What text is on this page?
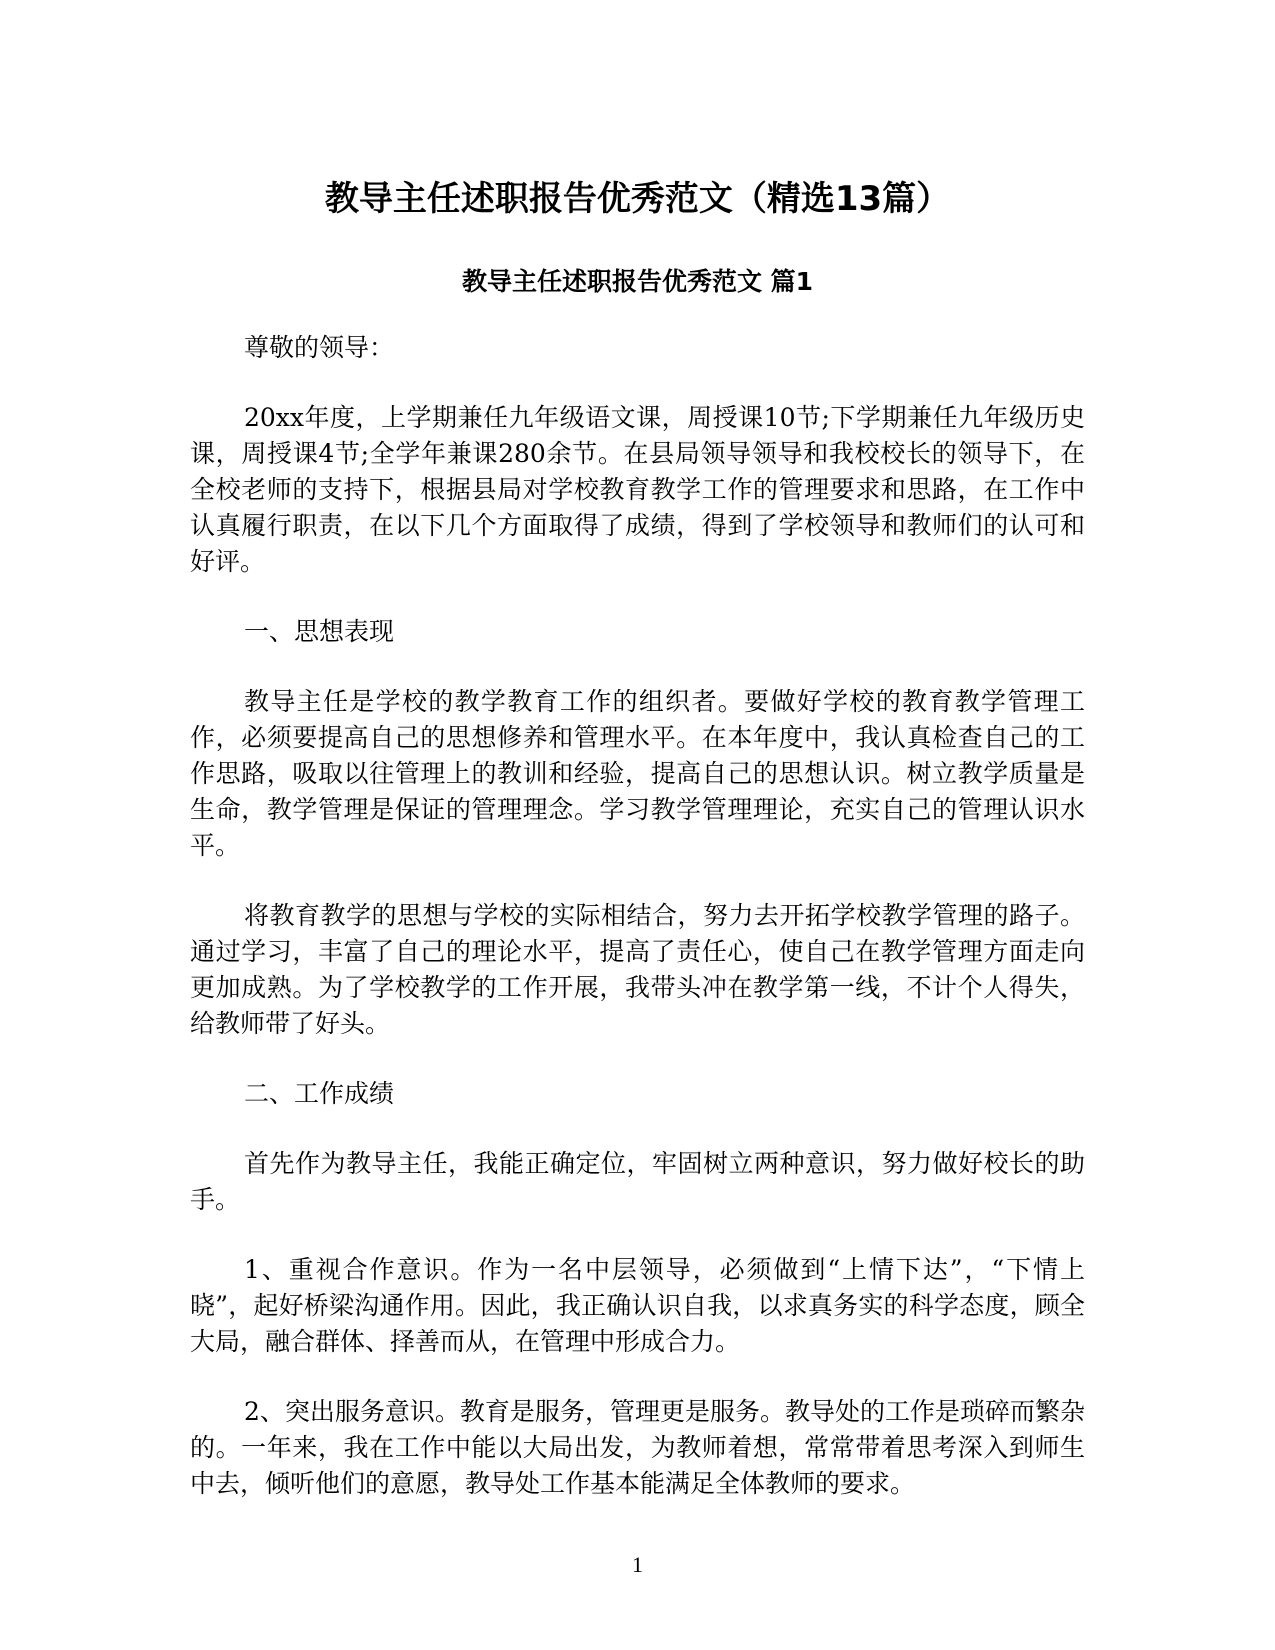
教导主任述职报告优秀范文（精选13篇）
教导主任述职报告优秀范文 篇1

尊敬的领导：

20xx年度，上学期兼任九年级语文课，周授课10节;下学期兼任九年级历史课，周授课4节;全学年兼课280余节。在县局领导领导和我校校长的领导下，在全校老师的支持下，根据县局对学校教育教学工作的管理要求和思路，在工作中认真履行职责，在以下几个方面取得了成绩，得到了学校领导和教师们的认可和好评。

一、思想表现

教导主任是学校的教学教育工作的组织者。要做好学校的教育教学管理工作，必须要提高自己的思想修养和管理水平。在本年度中，我认真检查自己的工作思路，吸取以往管理上的教训和经验，提高自己的思想认识。树立教学质量是生命，教学管理是保证的管理理念。学习教学管理理论，充实自己的管理认识水平。

将教育教学的思想与学校的实际相结合，努力去开拓学校教学管理的路子。通过学习，丰富了自己的理论水平，提高了责任心，使自己在教学管理方面走向更加成熟。为了学校教学的工作开展，我带头冲在教学第一线，不计个人得失，给教师带了好头。

二、工作成绩

首先作为教导主任，我能正确定位，牢固树立两种意识，努力做好校长的助手。

1、重视合作意识。作为一名中层领导，必须做到“上情下达”，“下情上晓”，起好桥梁沟通作用。因此，我正确认识自我，以求真务实的科学态度，顾全大局，融合群体、择善而从，在管理中形成合力。

2、突出服务意识。教育是服务，管理更是服务。教导处的工作是琐碎而繁杂的。一年来，我在工作中能以大局出发，为教师着想，常常带着思考深入到师生中去，倾听他们的意愿，教导处工作基本能满足全体教师的要求。

1
